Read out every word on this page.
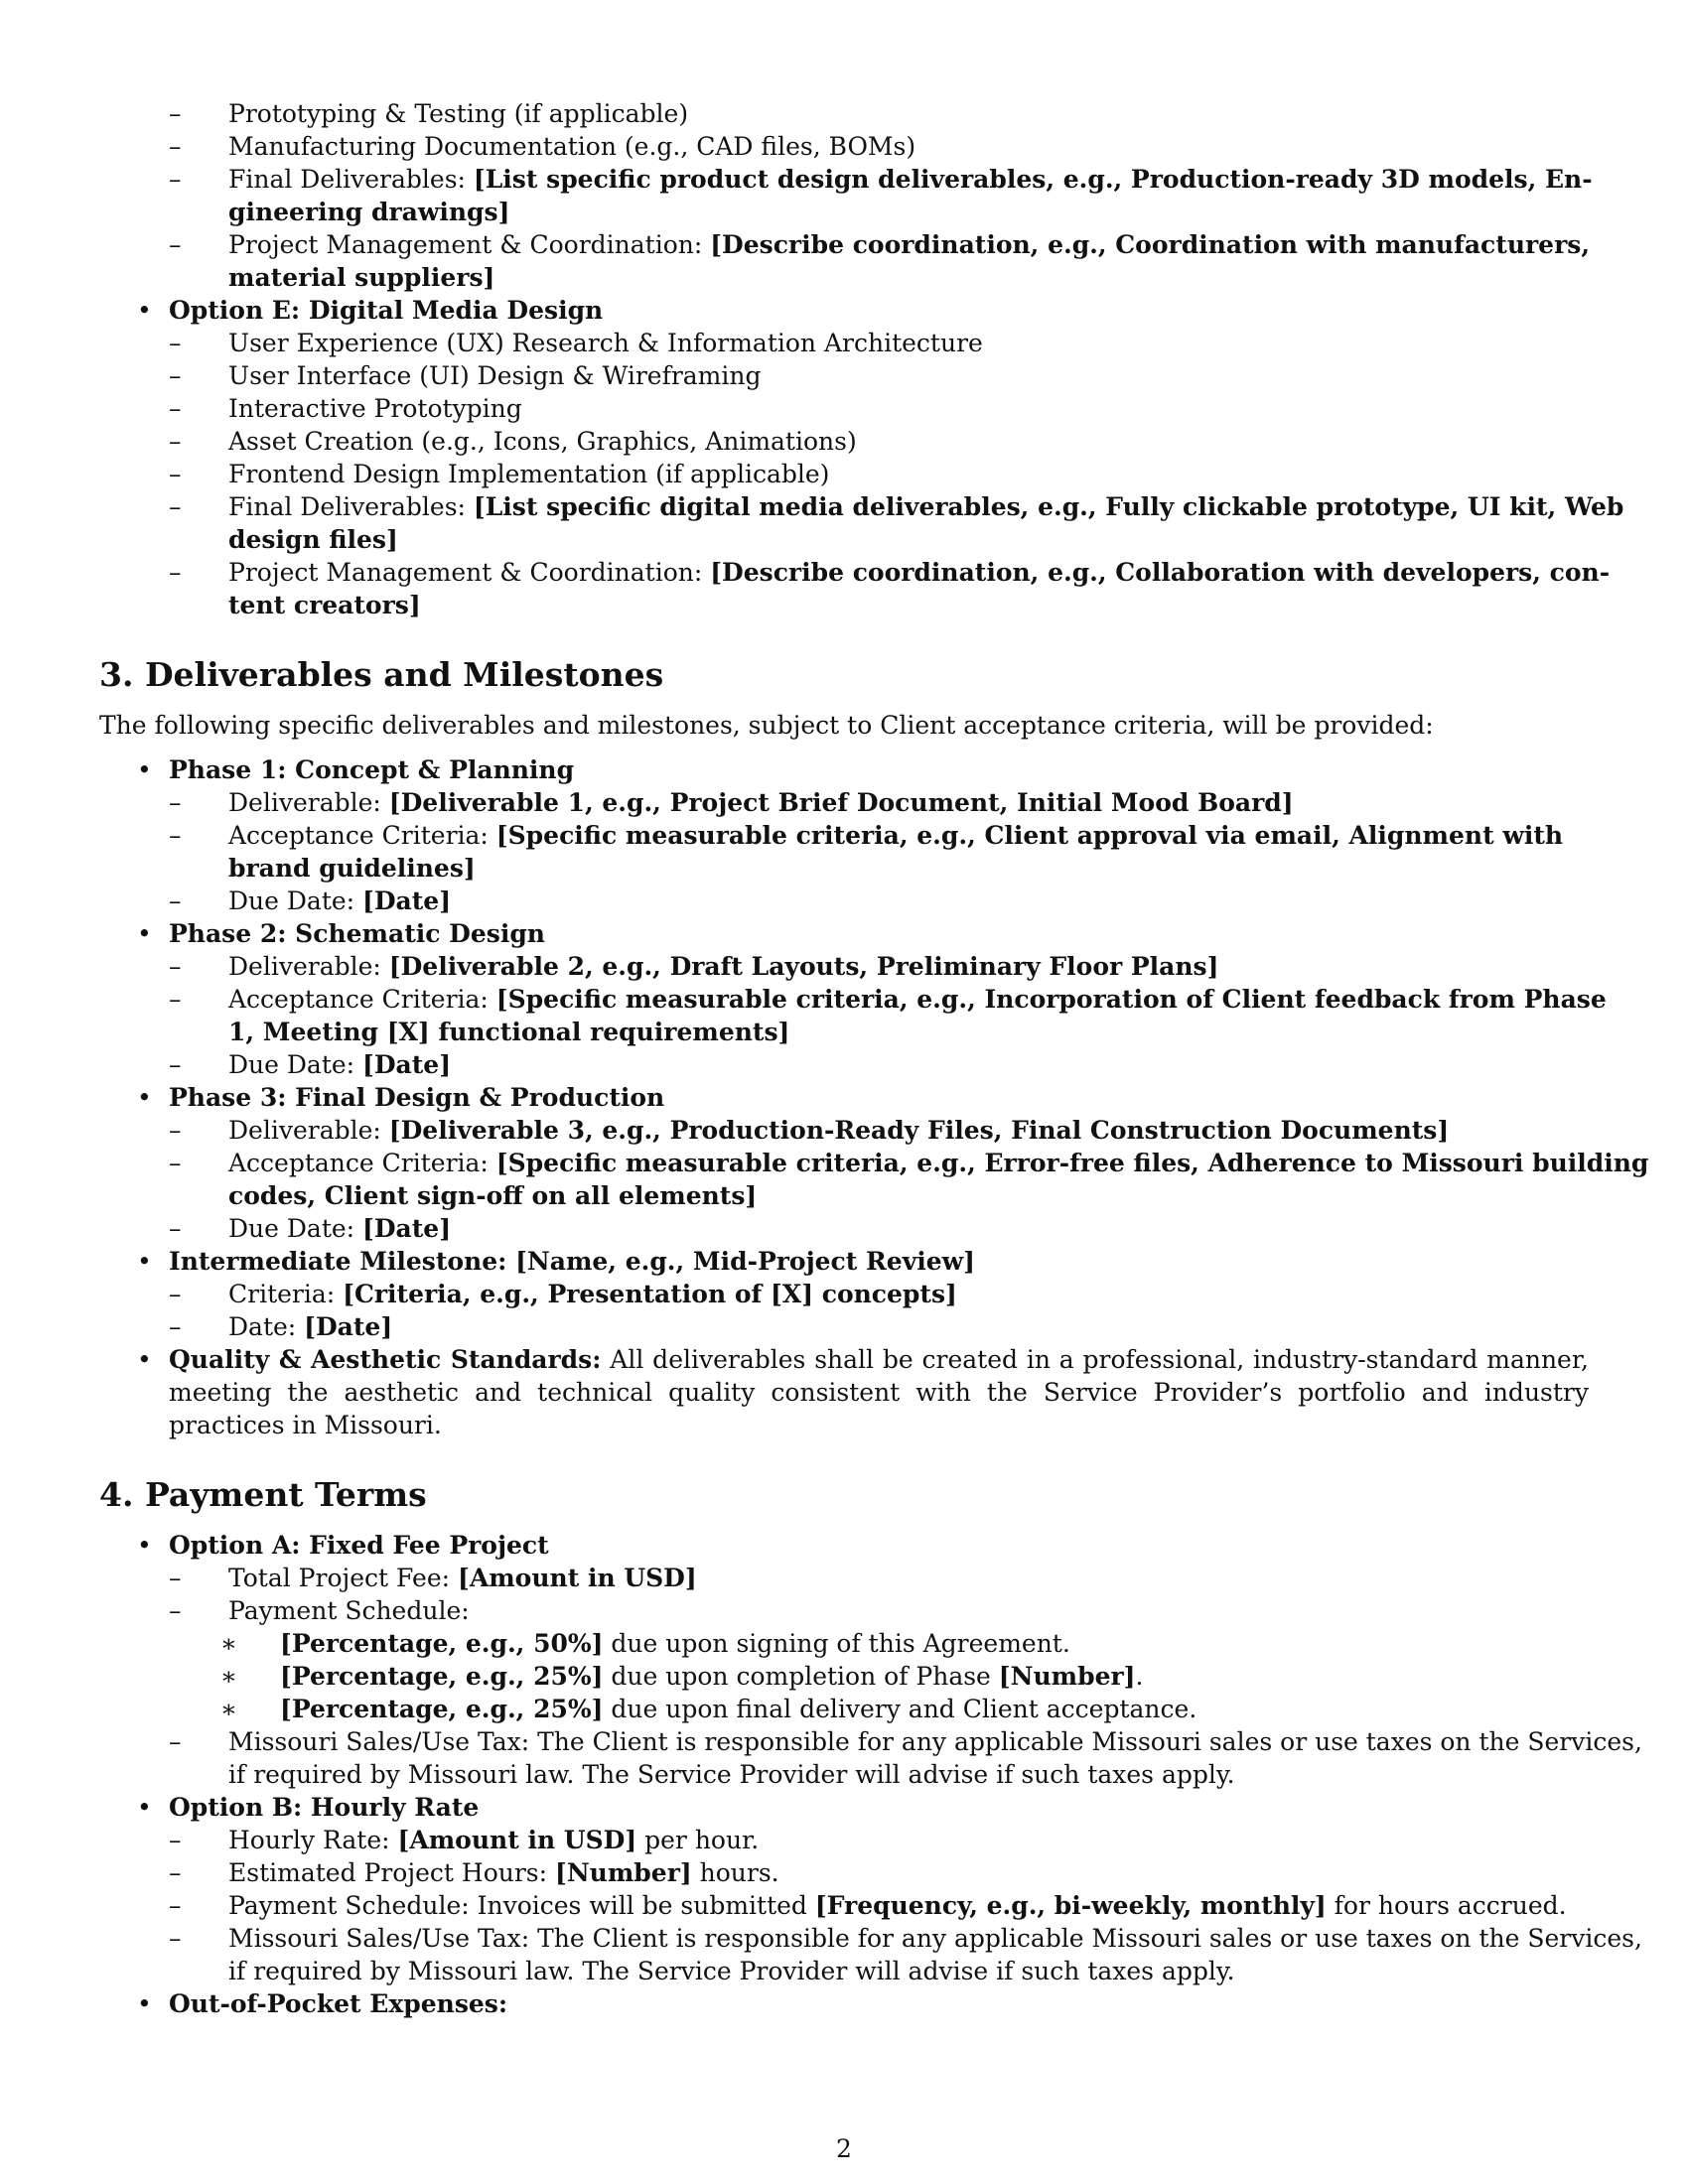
– Prototyping & Testing (if applicable)
– Manufacturing Documentation (e.g., CAD files, BOMs)
– Final Deliverables: [List specific product design deliverables, e.g., Production-ready 3D models, En-
gineering drawings]
– Project Management & Coordination: [Describe coordination, e.g., Coordination with manufacturers,
material suppliers]
• Option E: Digital Media Design
– User Experience (UX) Research & Information Architecture
– User Interface (UI) Design & Wireframing
– Interactive Prototyping
– Asset Creation (e.g., Icons, Graphics, Animations)
– Frontend Design Implementation (if applicable)
– Final Deliverables: [List specific digital media deliverables, e.g., Fully clickable prototype, UI kit, Web
design files]
– Project Management & Coordination: [Describe coordination, e.g., Collaboration with developers, con-
tent creators]
3. Deliverables and Milestones
The following specific deliverables and milestones, subject to Client acceptance criteria, will be provided:
• Phase 1: Concept & Planning
– Deliverable: [Deliverable 1, e.g., Project Brief Document, Initial Mood Board]
– Acceptance Criteria: [Specific measurable criteria, e.g., Client approval via email, Alignment with
brand guidelines]
– Due Date: [Date]
• Phase 2: Schematic Design
– Deliverable: [Deliverable 2, e.g., Draft Layouts, Preliminary Floor Plans]
– Acceptance Criteria: [Specific measurable criteria, e.g., Incorporation of Client feedback from Phase
1, Meeting [X] functional requirements]
– Due Date: [Date]
• Phase 3: Final Design & Production
– Deliverable: [Deliverable 3, e.g., Production-Ready Files, Final Construction Documents]
– Acceptance Criteria: [Specific measurable criteria, e.g., Error-free files, Adherence to Missouri building
codes, Client sign-off on all elements]
– Due Date: [Date]
• Intermediate Milestone: [Name, e.g., Mid-Project Review]
– Criteria: [Criteria, e.g., Presentation of [X] concepts]
– Date: [Date]
• Quality & Aesthetic Standards: All deliverables shall be created in a professional, industry-standard manner, meeting the aesthetic and technical quality consistent with the Service Provider’s portfolio and industry practices in Missouri.
4. Payment Terms
• Option A: Fixed Fee Project
– Total Project Fee: [Amount in USD]
– Payment Schedule:
∗ [Percentage, e.g., 50%] due upon signing of this Agreement.
∗ [Percentage, e.g., 25%] due upon completion of Phase [Number].
∗ [Percentage, e.g., 25%] due upon final delivery and Client acceptance.
– Missouri Sales/Use Tax: The Client is responsible for any applicable Missouri sales or use taxes on the Services,
if required by Missouri law. The Service Provider will advise if such taxes apply.
• Option B: Hourly Rate
– Hourly Rate: [Amount in USD] per hour.
– Estimated Project Hours: [Number] hours.
– Payment Schedule: Invoices will be submitted [Frequency, e.g., bi-weekly, monthly] for hours accrued.
– Missouri Sales/Use Tax: The Client is responsible for any applicable Missouri sales or use taxes on the Services,
if required by Missouri law. The Service Provider will advise if such taxes apply.
• Out-of-Pocket Expenses:
2
